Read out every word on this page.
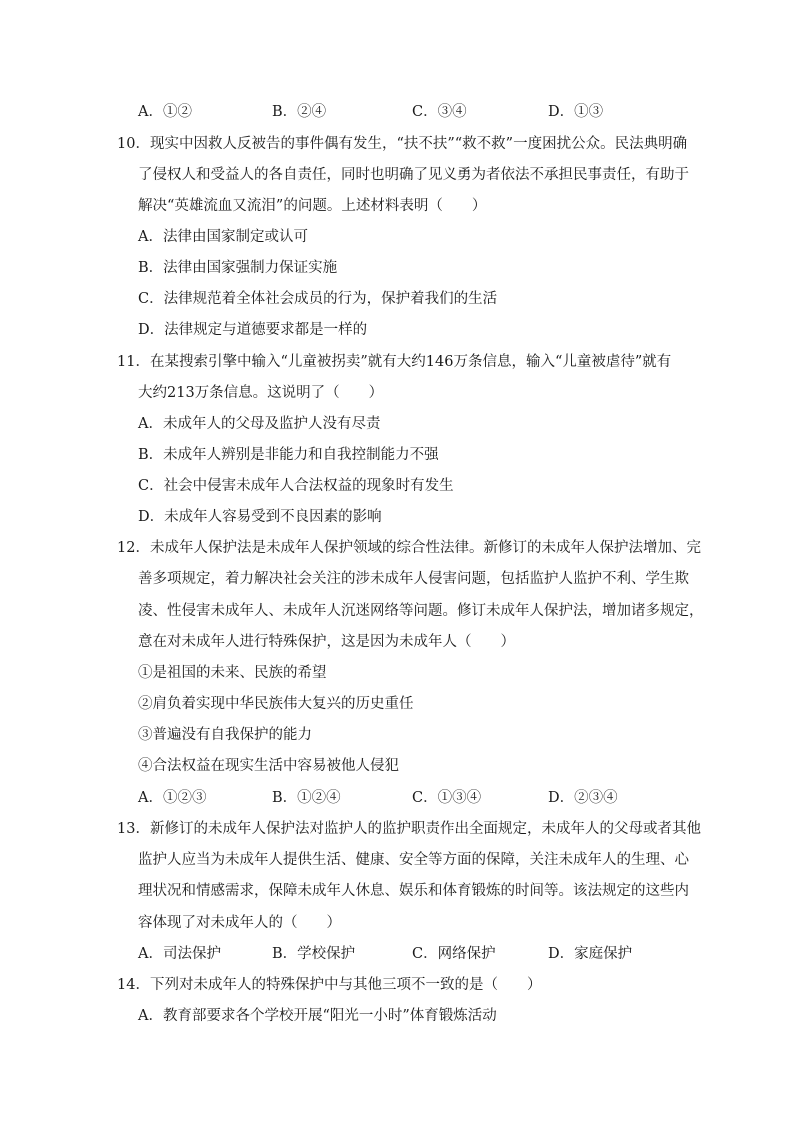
A．①②	B．②④	C．③④	D．①③
10．现实中因救人反被告的事件偶有发生，“扶不扶”“救不救”一度困扰公众。民法典明确
了侵权人和受益人的各自责任，同时也明确了见义勇为者依法不承担民事责任，有助于
解决“英雄流血又流泪”的问题。上述材料表明（　　）
A．法律由国家制定或认可
B．法律由国家强制力保证实施
C．法律规范着全体社会成员的行为，保护着我们的生活
D．法律规定与道德要求都是一样的
11．在某搜索引擎中输入“儿童被拐卖”就有大约146万条信息，输入“儿童被虐待”就有
大约213万条信息。这说明了（　　）
A．未成年人的父母及监护人没有尽责
B．未成年人辨别是非能力和自我控制能力不强
C．社会中侵害未成年人合法权益的现象时有发生
D．未成年人容易受到不良因素的影响
12．未成年人保护法是未成年人保护领域的综合性法律。新修订的未成年人保护法增加、完
善多项规定，着力解决社会关注的涉未成年人侵害问题，包括监护人监护不利、学生欺
凌、性侵害未成年人、未成年人沉迷网络等问题。修订未成年人保护法，增加诸多规定，
意在对未成年人进行特殊保护，这是因为未成年人（　　）
①是祖国的未来、民族的希望
②肩负着实现中华民族伟大复兴的历史重任
③普遍没有自我保护的能力
④合法权益在现实生活中容易被他人侵犯
A．①②③	B．①②④	C．①③④	D．②③④
13．新修订的未成年人保护法对监护人的监护职责作出全面规定，未成年人的父母或者其他
监护人应当为未成年人提供生活、健康、安全等方面的保障，关注未成年人的生理、心
理状况和情感需求，保障未成年人休息、娱乐和体育锻炼的时间等。该法规定的这些内
容体现了对未成年人的（　　）
A．司法保护	B．学校保护	C．网络保护	D．家庭保护
14．下列对未成年人的特殊保护中与其他三项不一致的是（　　）
A．教育部要求各个学校开展“阳光一小时”体育锻炼活动
